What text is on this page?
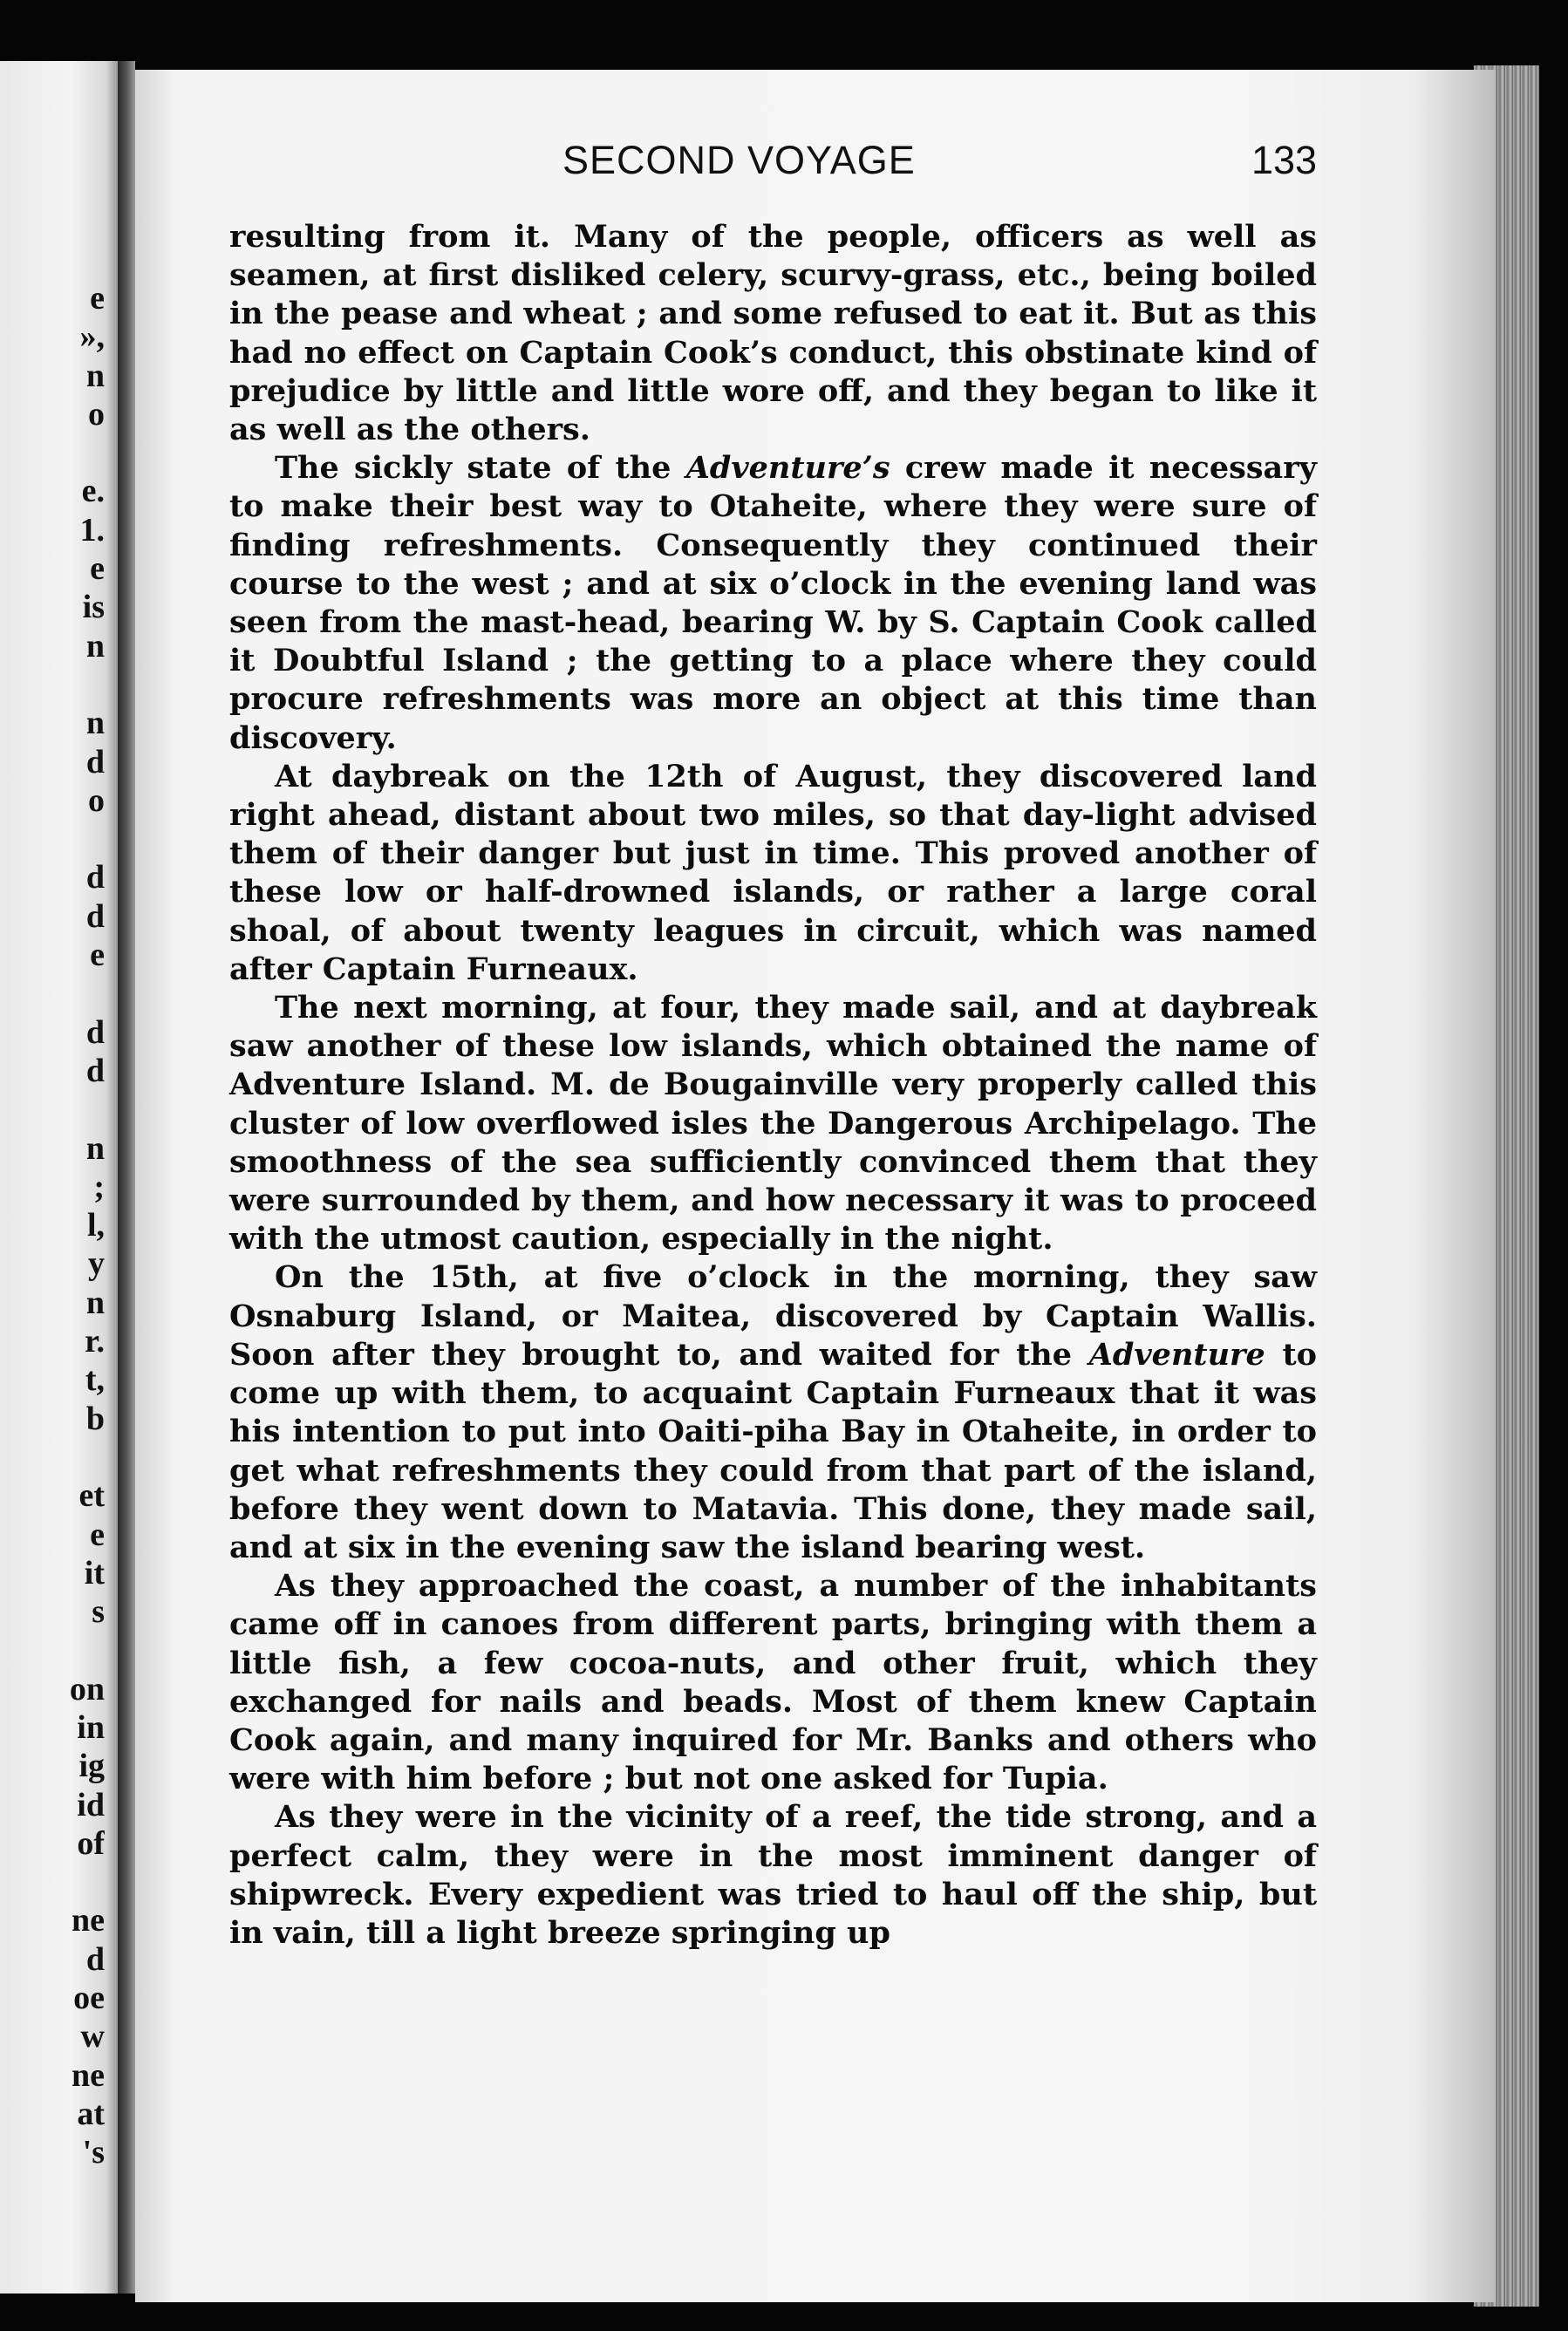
e
»,
n
o
e.
1.
e
is
n
n
d
o
d
d
e
d
d
n
;
l,
y
n
r.
t,
b
et
e
it
s
on
in
ig
id
of
ne
d
oe
w
ne
at
's
SECOND VOYAGE	133

resulting from it. Many of the people, officers as well as seamen, at first disliked celery, scurvy-grass, etc., being boiled in the pease and wheat ; and some refused to eat it. But as this had no effect on Captain Cook’s conduct, this obstinate kind of prejudice by little and little wore off, and they began to like it as well as the others.

The sickly state of the Adventure’s crew made it necessary to make their best way to Otaheite, where they were sure of finding refreshments. Consequently they continued their course to the west ; and at six o’clock in the evening land was seen from the mast-head, bearing W. by S. Captain Cook called it Doubtful Island ; the getting to a place where they could procure refreshments was more an object at this time than discovery.

At daybreak on the 12th of August, they discovered land right ahead, distant about two miles, so that day-light advised them of their danger but just in time. This proved another of these low or half-drowned islands, or rather a large coral shoal, of about twenty leagues in circuit, which was named after Captain Furneaux.

The next morning, at four, they made sail, and at daybreak saw another of these low islands, which obtained the name of Adventure Island. M. de Bougainville very properly called this cluster of low overflowed isles the Dangerous Archipelago. The smoothness of the sea sufficiently convinced them that they were surrounded by them, and how necessary it was to proceed with the utmost caution, especially in the night.

On the 15th, at five o’clock in the morning, they saw Osnaburg Island, or Maitea, discovered by Captain Wallis. Soon after they brought to, and waited for the Adventure to come up with them, to acquaint Captain Furneaux that it was his intention to put into Oaiti-piha Bay in Otaheite, in order to get what refreshments they could from that part of the island, before they went down to Matavia. This done, they made sail, and at six in the evening saw the island bearing west.

As they approached the coast, a number of the inhabitants came off in canoes from different parts, bringing with them a little fish, a few cocoa-nuts, and other fruit, which they exchanged for nails and beads. Most of them knew Captain Cook again, and many inquired for Mr. Banks and others who were with him before ; but not one asked for Tupia.

As they were in the vicinity of a reef, the tide strong, and a perfect calm, they were in the most imminent danger of shipwreck. Every expedient was tried to haul off the ship, but in vain, till a light breeze springing up
